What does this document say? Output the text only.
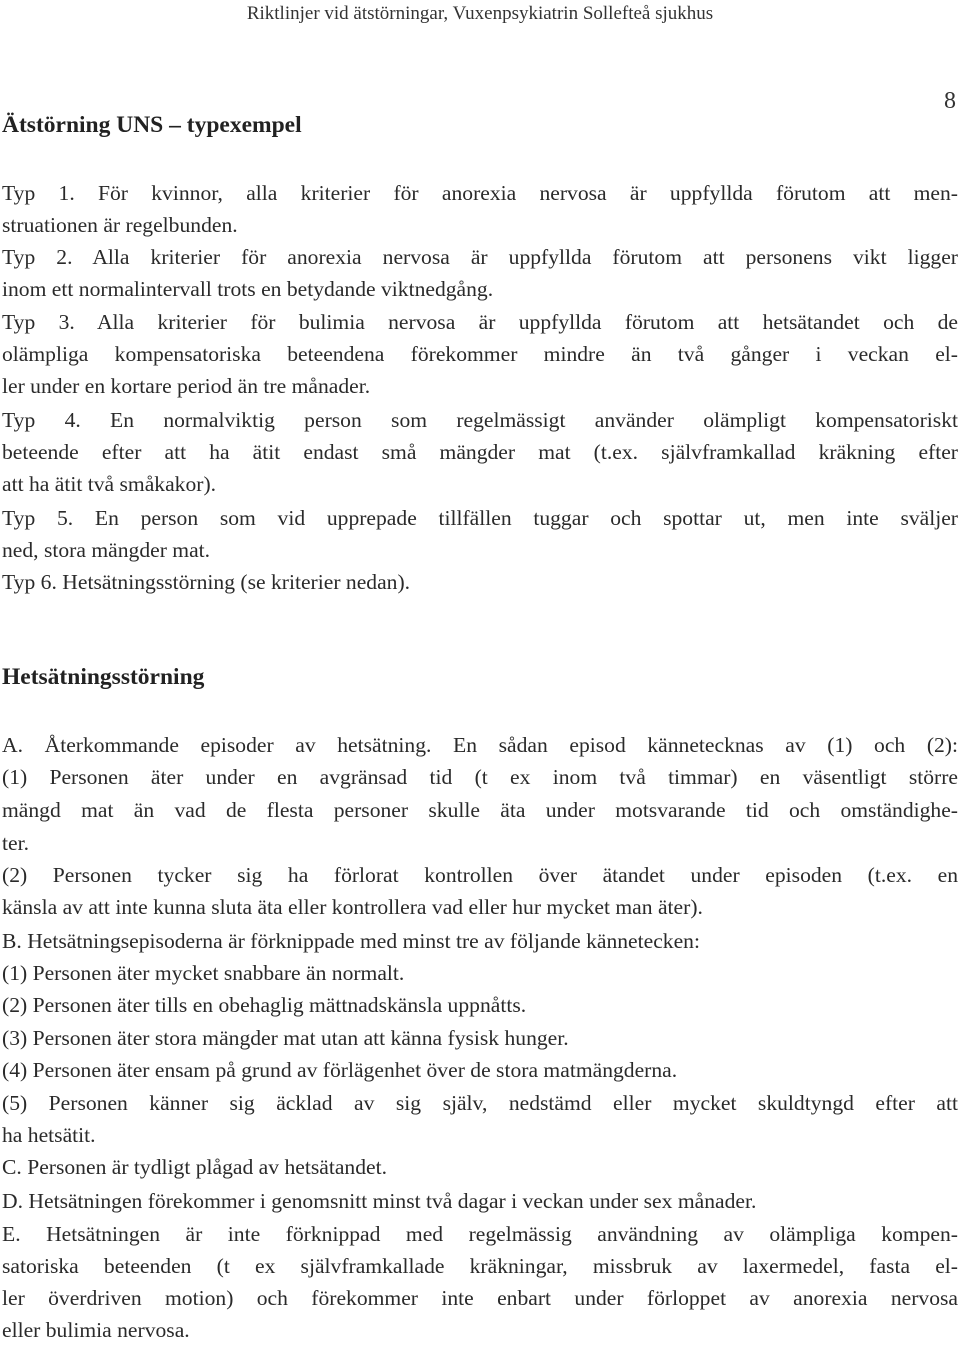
Riktlinjer vid ätstörningar, Vuxenpsykiatrin Sollefteå sjukhus
8
Ätstörning UNS – typexempel
Typ 1. För kvinnor, alla kriterier för anorexia nervosa är uppfyllda förutom att men-
struationen är regelbunden.
Typ 2. Alla kriterier för anorexia nervosa är uppfyllda förutom att personens vikt ligger
inom ett normalintervall trots en betydande viktnedgång.
Typ 3. Alla kriterier för bulimia nervosa är uppfyllda förutom att hetsätandet och de
olämpliga kompensatoriska beteendena förekommer mindre än två gånger i veckan el-
ler under en kortare period än tre månader.
Typ 4. En normalviktig person som regelmässigt använder olämpligt kompensatoriskt
beteende efter att ha ätit endast små mängder mat (t.ex. självframkallad kräkning efter
att ha ätit två småkakor).
Typ 5. En person som vid upprepade tillfällen tuggar och spottar ut, men inte sväljer
ned, stora mängder mat.
Typ 6. Hetsätningsstörning (se kriterier nedan).
Hetsätningsstörning
A. Återkommande episoder av hetsätning. En sådan episod kännetecknas av (1) och (2):
(1) Personen äter under en avgränsad tid (t ex inom två timmar) en väsentligt större
mängd mat än vad de flesta personer skulle äta under motsvarande tid och omständighe-
ter.
(2) Personen tycker sig ha förlorat kontrollen över ätandet under episoden (t.ex. en
känsla av att inte kunna sluta äta eller kontrollera vad eller hur mycket man äter).
B. Hetsätningsepisoderna är förknippade med minst tre av följande kännetecken:
(1) Personen äter mycket snabbare än normalt.
(2) Personen äter tills en obehaglig mättnadskänsla uppnåtts.
(3) Personen äter stora mängder mat utan att känna fysisk hunger.
(4) Personen äter ensam på grund av förlägenhet över de stora matmängderna.
(5) Personen känner sig äcklad av sig själv, nedstämd eller mycket skuldtyngd efter att
ha hetsätit.
C. Personen är tydligt plågad av hetsätandet.
D. Hetsätningen förekommer i genomsnitt minst två dagar i veckan under sex månader.
E. Hetsätningen är inte förknippad med regelmässig användning av olämpliga kompen-
satoriska beteenden (t ex självframkallade kräkningar, missbruk av laxermedel, fasta el-
ler överdriven motion) och förekommer inte enbart under förloppet av anorexia nervosa
eller bulimia nervosa.
